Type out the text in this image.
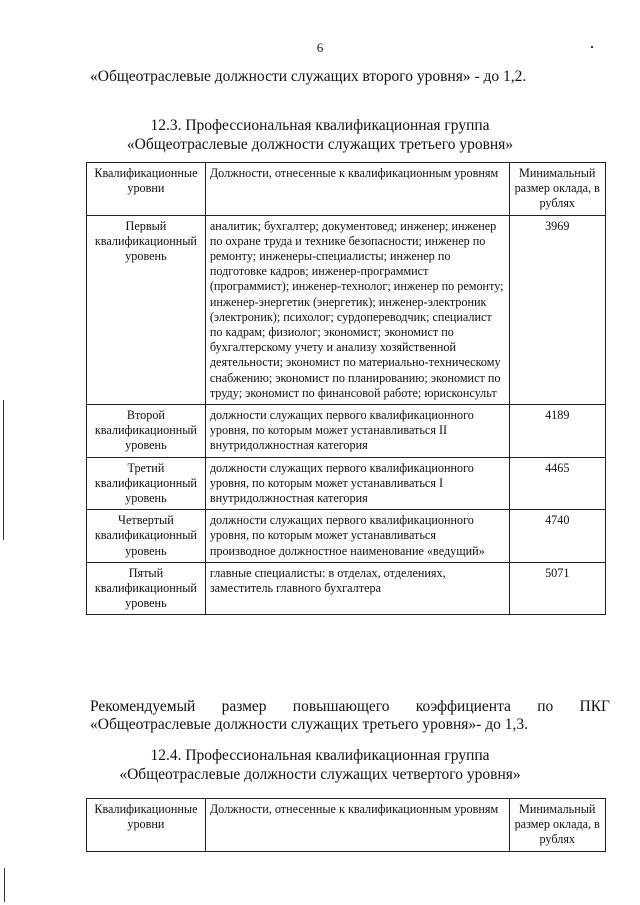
6
«Общеотраслевые должности служащих второго уровня» - до 1,2.
12.3. Профессиональная квалификационная группа
«Общеотраслевые должности служащих третьего уровня»
Квалификационные уровни	Должности, отнесенные к квалификационным уровням	Минимальный размер оклада, в рублях
Первый квалификационный уровень	аналитик; бухгалтер; документовед; инженер; инженер по охране труда и технике безопасности; инженер по ремонту; инженеры-специалисты; инженер по подготовке кадров; инженер-программист (программист); инженер-технолог; инженер по ремонту; инженер-энергетик (энергетик); инженер-электроник (электроник); психолог; сурдопереводчик; специалист по кадрам; физиолог; экономист; экономист по бухгалтерскому учету и анализу хозяйственной деятельности; экономист по материально-техническому снабжению; экономист по планированию; экономист по труду; экономист по финансовой работе; юрисконсульт	3969
Второй квалификационный уровень	должности служащих первого квалификационного уровня, по которым может устанавливаться II внутридолжностная категория	4189
Третий квалификационный уровень	должности служащих первого квалификационного уровня, по которым может устанавливаться I внутридолжностная категория	4465
Четвертый квалификационный уровень	должности служащих первого квалификационного уровня, по которым может устанавливаться производное должностное наименование «ведущий»	4740
Пятый квалификационный уровень	главные специалисты: в отделах, отделениях, заместитель главного бухгалтера	5071
Рекомендуемый размер повышающего коэффициента по ПКГ
«Общеотраслевые должности служащих третьего уровня»- до 1,3.
12.4. Профессиональная квалификационная группа
«Общеотраслевые должности служащих четвертого уровня»
Квалификационные уровни	Должности, отнесенные к квалификационным уровням	Минимальный размер оклада, в рублях
